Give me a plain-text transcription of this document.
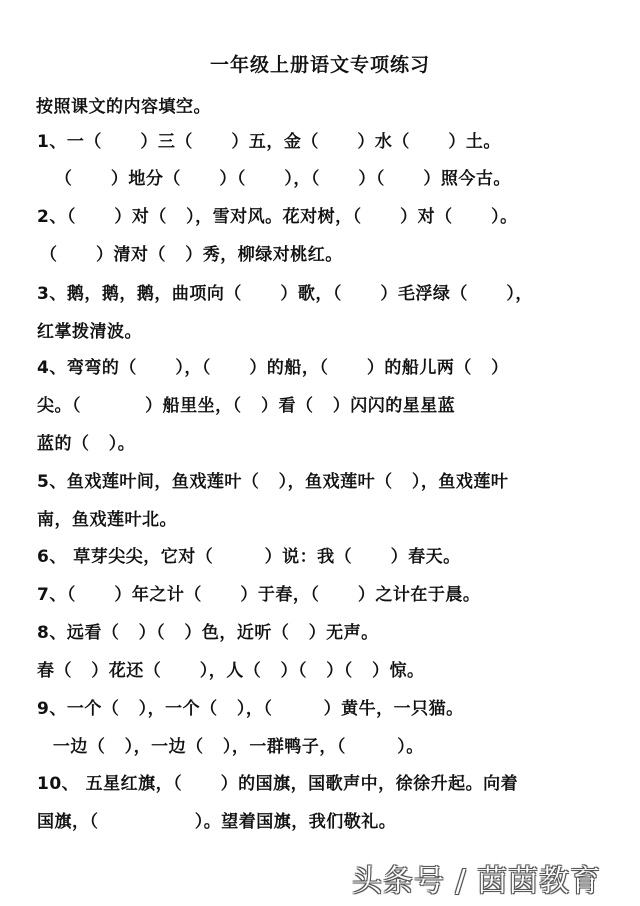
一年级上册语文专项练习
按照课文的内容填空。
1、一（      ）三（      ）五，金（      ）水（      ）土。
（      ）地分（      ）（      ），（      ）（      ）照今古。
2、（      ）对（   ），雪对风。花对树，（      ）对（      ）。
（      ）清对（   ）秀，柳绿对桃红。
3、鹅，鹅，鹅，曲项向（      ）歌，（      ）毛浮绿（      ），
红掌拨清波。
4、弯弯的（      ），（      ）的船，（      ）的船儿两（   ）
尖。（          ）船里坐，（   ）看（   ）闪闪的星星蓝
蓝的（   ）。
5、鱼戏莲叶间，鱼戏莲叶（   ），鱼戏莲叶（   ），鱼戏莲叶
南，鱼戏莲叶北。
6、 草芽尖尖，它对（        ）说：我（      ）春天。
7、（      ）年之计（      ）于春，（      ）之计在于晨。
8、远看（   ）（   ）色，近听（   ）无声。
春（   ）花还（      ），人（   ）（   ）（   ）惊。
9、一个（   ），一个（   ），（        ）黄牛，一只猫。
一边（   ），一边（   ），一群鸭子，（        ）。
10、 五星红旗，（      ）的国旗，国歌声中，徐徐升起。向着
国旗，（               ）。望着国旗，我们敬礼。
头条号 / 茵茵教育
